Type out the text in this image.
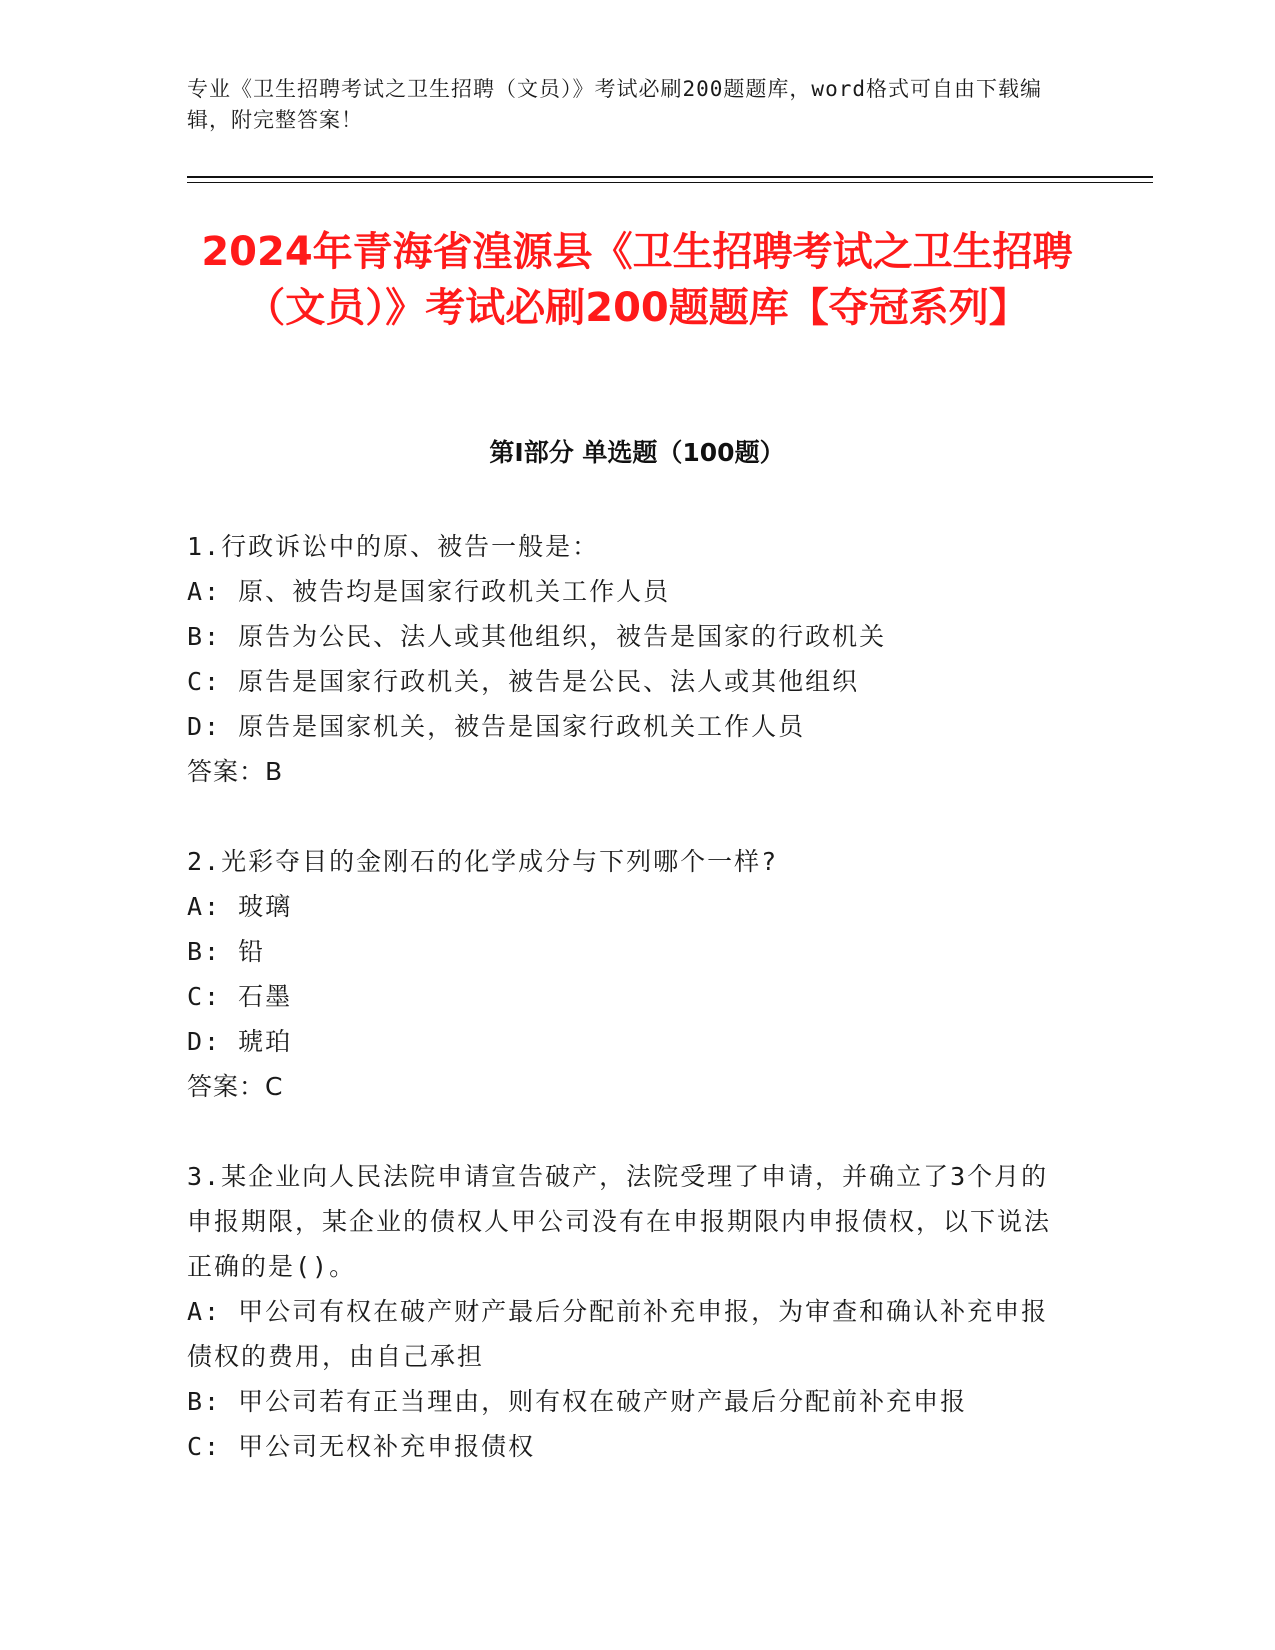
专业《卫生招聘考试之卫生招聘（文员）》考试必刷200题题库，word格式可自由下载编辑，附完整答案！
2024年青海省湟源县《卫生招聘考试之卫生招聘（文员）》考试必刷200题题库【夺冠系列】
第I部分 单选题（100题）

1.行政诉讼中的原、被告一般是：

A: 原、被告均是国家行政机关工作人员

B: 原告为公民、法人或其他组织，被告是国家的行政机关

C: 原告是国家行政机关，被告是公民、法人或其他组织

D: 原告是国家机关，被告是国家行政机关工作人员

答案：B

2.光彩夺目的金刚石的化学成分与下列哪个一样?

A: 玻璃

B: 铅

C: 石墨

D: 琥珀

答案：C

3.某企业向人民法院申请宣告破产，法院受理了申请，并确立了3个月的申报期限，某企业的债权人甲公司没有在申报期限内申报债权，以下说法正确的是()。

A: 甲公司有权在破产财产最后分配前补充申报，为审查和确认补充申报债权的费用，由自己承担

B: 甲公司若有正当理由，则有权在破产财产最后分配前补充申报

C: 甲公司无权补充申报债权
